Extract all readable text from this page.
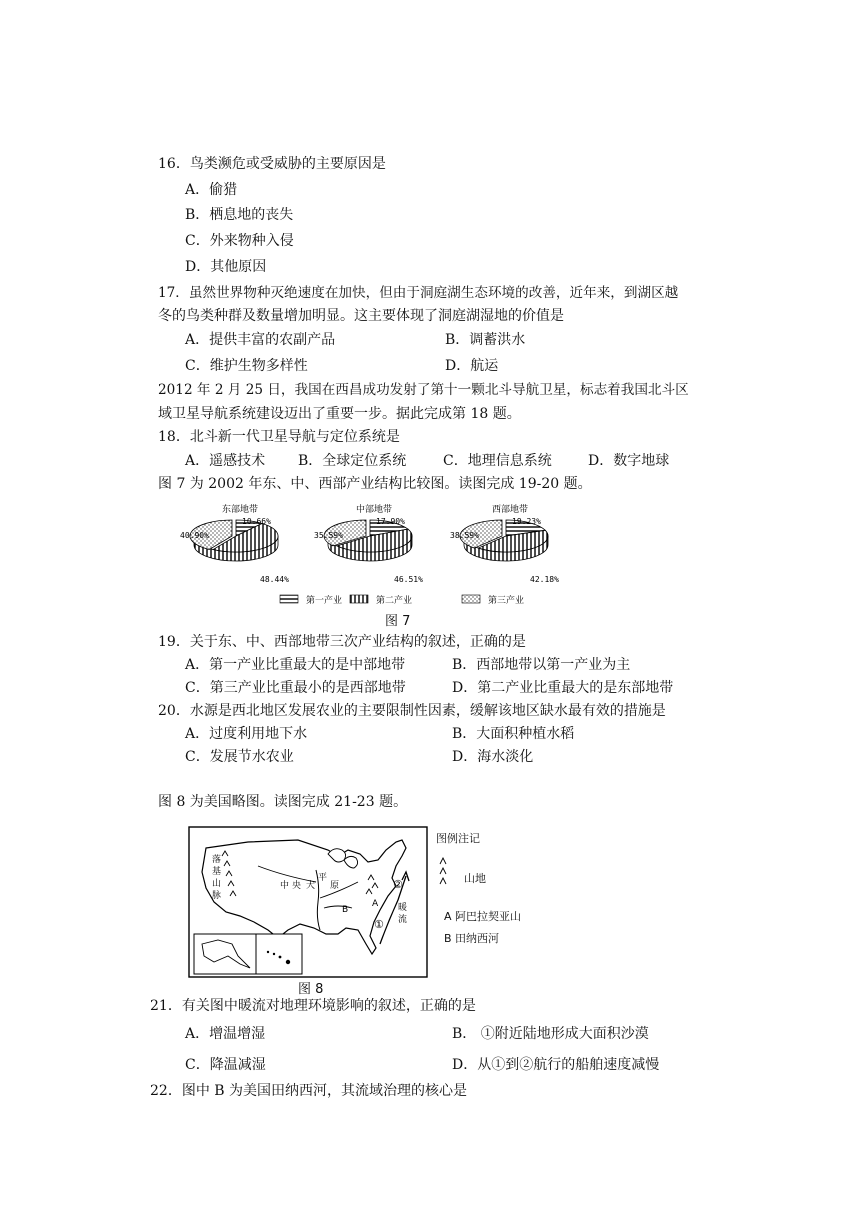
16．鸟类濒危或受威胁的主要原因是
A．偷猎
B．栖息地的丧失
C．外来物种入侵
D．其他原因
17．虽然世界物种灭绝速度在加快，但由于洞庭湖生态环境的改善，近年来，到湖区越
冬的鸟类种群及数量增加明显。这主要体现了洞庭湖湿地的价值是
A．提供丰富的农副产品	B．调蓄洪水
C．维护生物多样性	D．航运
2012 年 2 月 25 日，我国在西昌成功发射了第十一颗北斗导航卫星，标志着我国北斗区
域卫星导航系统建设迈出了重要一步。据此完成第 18 题。
18．北斗新一代卫星导航与定位系统是
A．遥感技术 B．全球定位系统	C．地理信息系统	D．数字地球
图 7 为 2002 年东、中、西部产业结构比较图。读图完成 19-20 题。
东部地带
10.66%
48.44%
40.90%
中部地带
17.90%
46.51%
35.59%
西部地带
19.23%
42.18%
38.59%
第一产业	第二产业	第三产业
图 7
19．关于东、中、西部地带三次产业结构的叙述，正确的是
A．第一产业比重最大的是中部地带	B．西部地带以第一产业为主
C．第三产业比重最小的是西部地带	D．第二产业比重最大的是东部地带
20．水源是西北地区发展农业的主要限制性因素，缓解该地区缺水最有效的措施是
A．过度利用地下水	B．大面积种植水稻
C．发展节水农业	D．海水淡化
图 8 为美国略图。读图完成 21-23 题。
落
基
山
脉
中 央 大
平
原
A
B
①
②
暖
流
图例注记
山地
A 阿巴拉契亚山
B 田纳西河
图 8
21．有关图中暖流对地理环境影响的叙述，正确的是
A．增温增湿	B． ①附近陆地形成大面积沙漠
C．降温减湿	D．从①到②航行的船舶速度减慢
22．图中 B 为美国田纳西河，其流域治理的核心是
